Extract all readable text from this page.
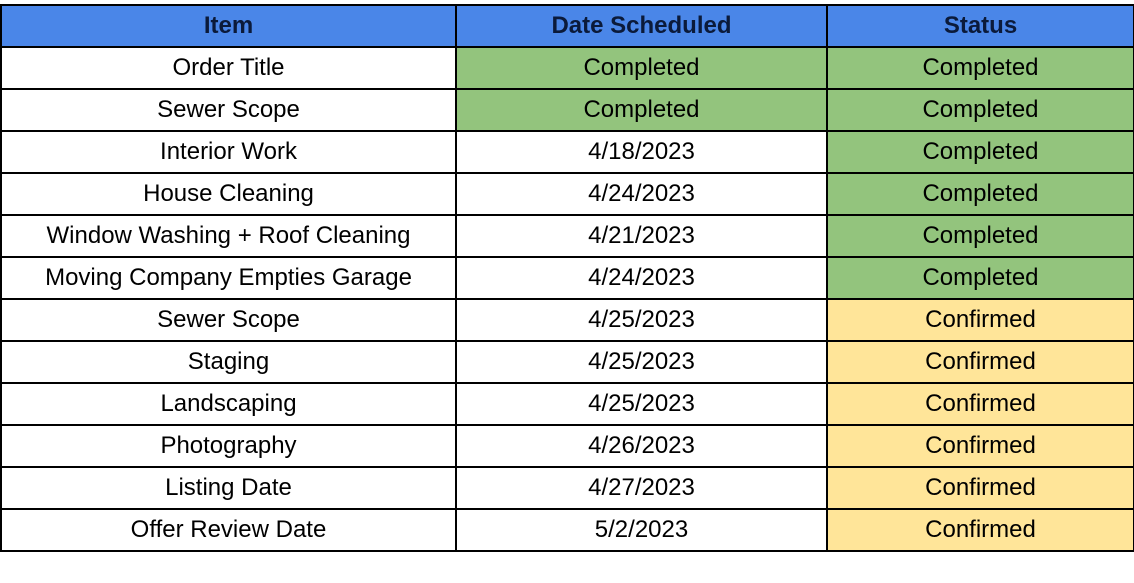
Item	Date Scheduled	Status
Order Title	Completed	Completed
Sewer Scope	Completed	Completed
Interior Work	4/18/2023	Completed
House Cleaning	4/24/2023	Completed
Window Washing + Roof Cleaning	4/21/2023	Completed
Moving Company Empties Garage	4/24/2023	Completed
Sewer Scope	4/25/2023	Confirmed
Staging	4/25/2023	Confirmed
Landscaping	4/25/2023	Confirmed
Photography	4/26/2023	Confirmed
Listing Date	4/27/2023	Confirmed
Offer Review Date	5/2/2023	Confirmed
